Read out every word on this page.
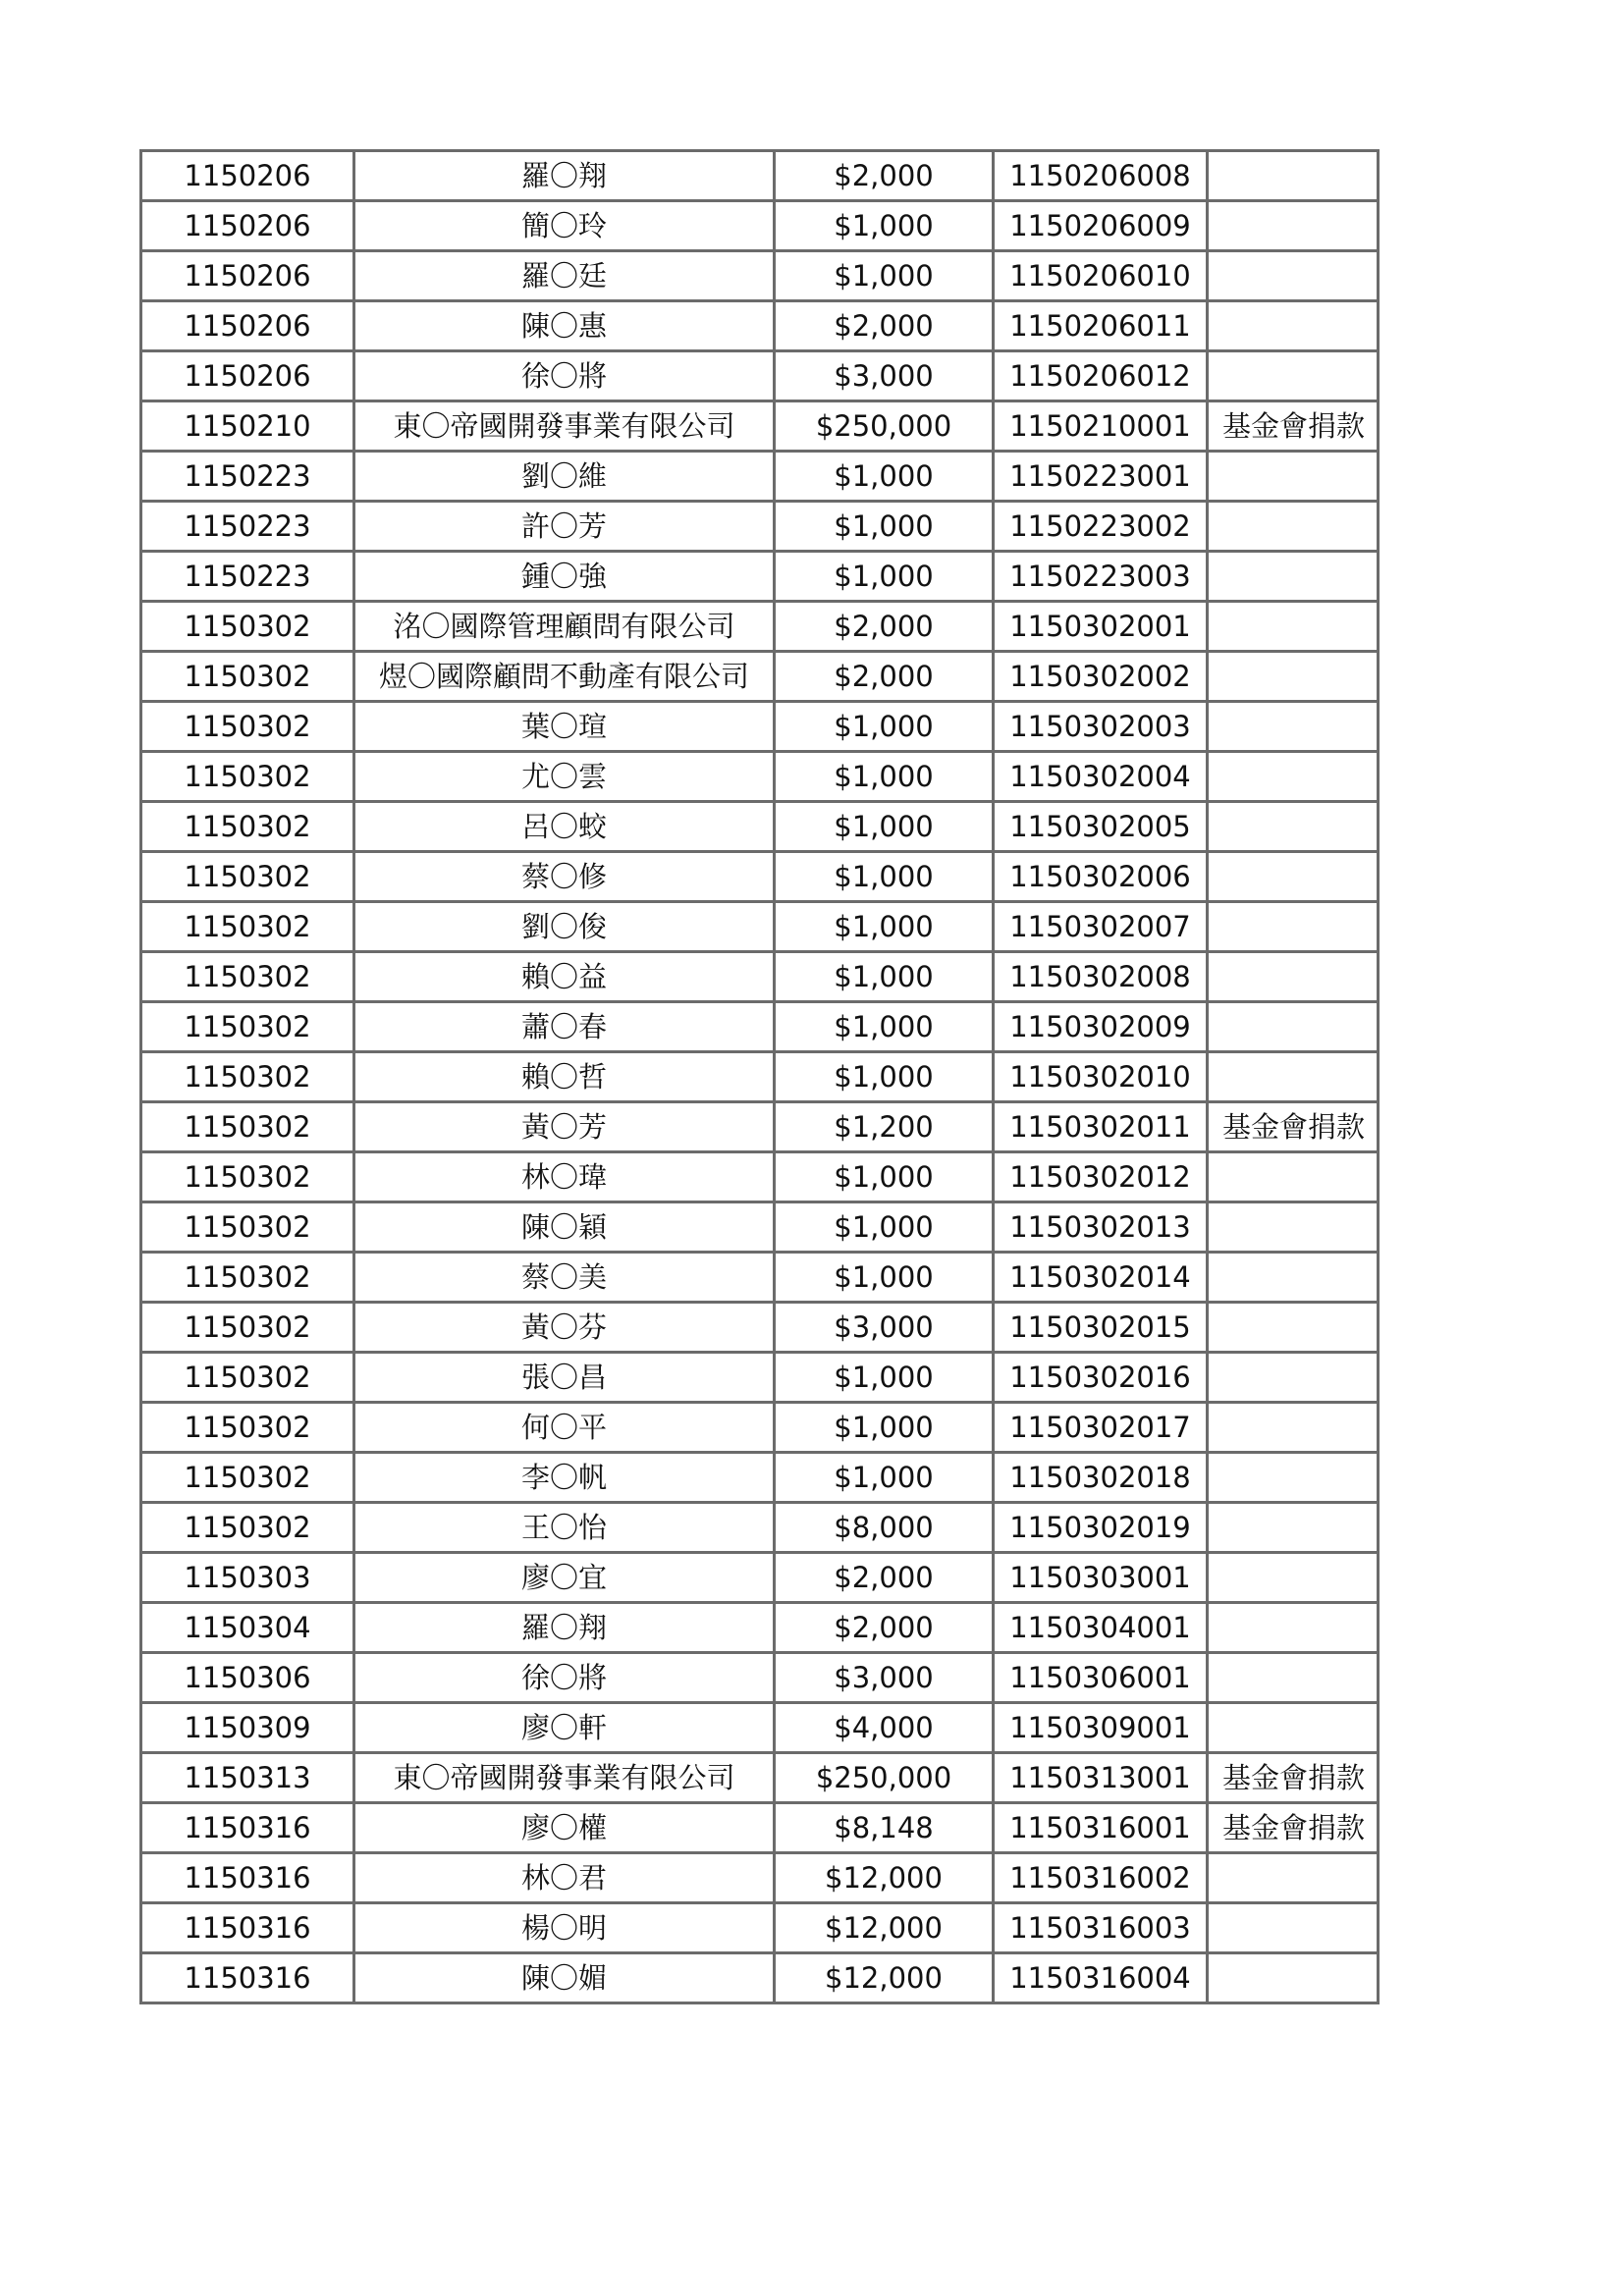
1150206	羅〇翔	$2,000	1150206008	
1150206	簡〇玲	$1,000	1150206009	
1150206	羅〇廷	$1,000	1150206010	
1150206	陳〇惠	$2,000	1150206011	
1150206	徐〇將	$3,000	1150206012	
1150210	東〇帝國開發事業有限公司	$250,000	1150210001	基金會捐款
1150223	劉〇維	$1,000	1150223001	
1150223	許〇芳	$1,000	1150223002	
1150223	鍾〇強	$1,000	1150223003	
1150302	洺〇國際管理顧問有限公司	$2,000	1150302001	
1150302	煜〇國際顧問不動產有限公司	$2,000	1150302002	
1150302	葉〇瑄	$1,000	1150302003	
1150302	尤〇雲	$1,000	1150302004	
1150302	呂〇蛟	$1,000	1150302005	
1150302	蔡〇修	$1,000	1150302006	
1150302	劉〇俊	$1,000	1150302007	
1150302	賴〇益	$1,000	1150302008	
1150302	蕭〇春	$1,000	1150302009	
1150302	賴〇哲	$1,000	1150302010	
1150302	黃〇芳	$1,200	1150302011	基金會捐款
1150302	林〇瑋	$1,000	1150302012	
1150302	陳〇穎	$1,000	1150302013	
1150302	蔡〇美	$1,000	1150302014	
1150302	黃〇芬	$3,000	1150302015	
1150302	張〇昌	$1,000	1150302016	
1150302	何〇平	$1,000	1150302017	
1150302	李〇帆	$1,000	1150302018	
1150302	王〇怡	$8,000	1150302019	
1150303	廖〇宜	$2,000	1150303001	
1150304	羅〇翔	$2,000	1150304001	
1150306	徐〇將	$3,000	1150306001	
1150309	廖〇軒	$4,000	1150309001	
1150313	東〇帝國開發事業有限公司	$250,000	1150313001	基金會捐款
1150316	廖〇權	$8,148	1150316001	基金會捐款
1150316	林〇君	$12,000	1150316002	
1150316	楊〇明	$12,000	1150316003	
1150316	陳〇媚	$12,000	1150316004	
